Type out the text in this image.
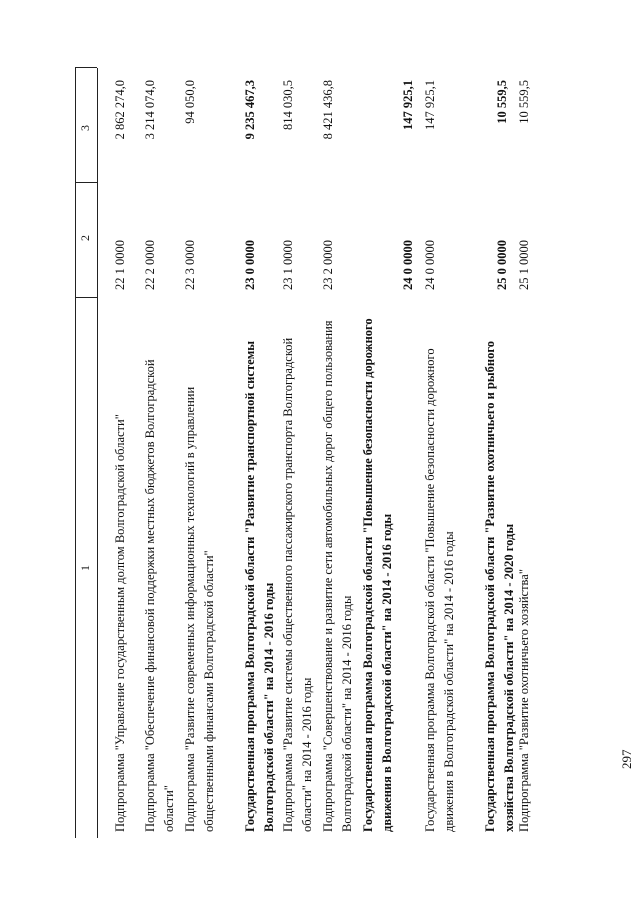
297
1
2
3
Подпрограмма "Управление государственным долгом Волгоградской области"
22 1 0000
2 862 274,0
Подпрограмма "Обеспечение финансовой поддержки местных бюджетов Волгоградской области"
22 2 0000
3 214 074,0
Подпрограмма "Развитие современных информационных технологий в управлении общественными финансами Волгоградской области"
22 3 0000
94 050,0
Государственная программа Волгоградской области "Развитие транспортной системы Волгоградской области" на 2014 - 2016 годы
23 0 0000
9 235 467,3
Подпрограмма "Развитие системы общественного пассажирского транспорта Волгоградской области" на 2014 - 2016 годы
23 1 0000
814 030,5
Подпрограмма "Совершенствование и развитие сети автомобильных дорог общего пользования Волгоградской области" на 2014 - 2016 годы
23 2 0000
8 421 436,8
Государственная программа Волгоградской области "Повышение безопасности дорожного движения в Волгоградской области" на 2014 - 2016 годы
24 0 0000
147 925,1
Государственная программа Волгоградской области "Повышение безопасности дорожного движения в Волгоградской области" на 2014 - 2016 годы
24 0 0000
147 925,1
Государственная программа Волгоградской области "Развитие охотничьего и рыбного хозяйства Волгоградской области" на 2014 - 2020 годы
25 0 0000
10 559,5
Подпрограмма "Развитие охотничьего хозяйства"
25 1 0000
10 559,5
